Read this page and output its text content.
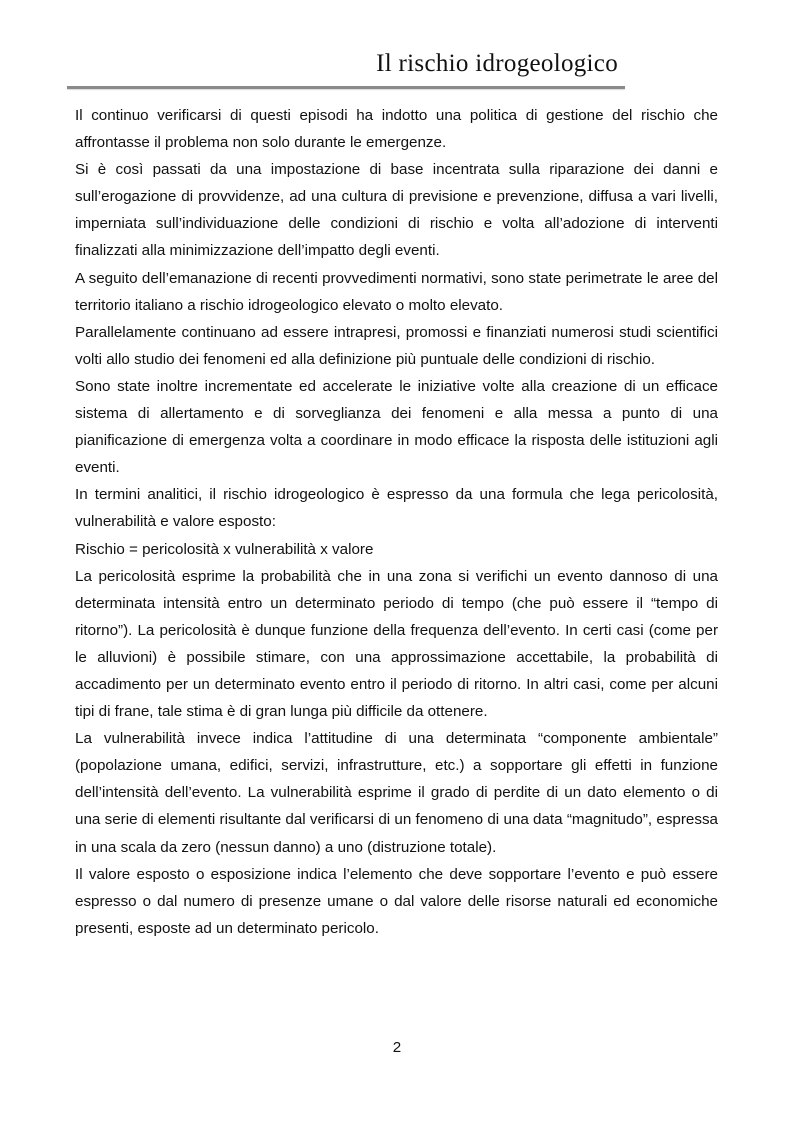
Il rischio idrogeologico

Il continuo verificarsi di questi episodi ha indotto una politica di gestione del rischio che affrontasse il problema non solo durante le emergenze.

Si è così passati da una impostazione di base incentrata sulla riparazione dei danni e sull’erogazione di provvidenze, ad una cultura di previsione e prevenzione, diffusa a vari livelli, imperniata sull’individuazione delle condizioni di rischio e volta all’adozione di interventi finalizzati alla minimizzazione dell’impatto degli eventi.

A seguito dell’emanazione di recenti provvedimenti normativi, sono state perimetrate le aree del territorio italiano a rischio idrogeologico elevato o molto elevato.

Parallelamente continuano ad essere intrapresi, promossi e finanziati numerosi studi scientifici volti allo studio dei fenomeni ed alla definizione più puntuale delle condizioni di rischio.

Sono state inoltre incrementate ed accelerate le iniziative volte alla creazione di un efficace sistema di allertamento e di sorveglianza dei fenomeni e alla messa a punto di una pianificazione di emergenza volta a coordinare in modo efficace la risposta delle istituzioni agli eventi.

In termini analitici, il rischio idrogeologico è espresso da una formula che lega pericolosità, vulnerabilità e valore esposto:

Rischio = pericolosità x vulnerabilità x valore

La pericolosità esprime la probabilità che in una zona si verifichi un evento dannoso di una determinata intensità entro un determinato periodo di tempo (che può essere il “tempo di ritorno”). La pericolosità è dunque funzione della frequenza dell’evento. In certi casi (come per le alluvioni) è possibile stimare, con una approssimazione accettabile, la probabilità di accadimento per un determinato evento entro il periodo di ritorno. In altri casi, come per alcuni tipi di frane, tale stima è di gran lunga più difficile da ottenere.

La vulnerabilità invece indica l’attitudine di una determinata “componente ambientale” (popolazione umana, edifici, servizi, infrastrutture, etc.) a sopportare gli effetti in funzione dell’intensità dell’evento. La vulnerabilità esprime il grado di perdite di un dato elemento o di una serie di elementi risultante dal verificarsi di un fenomeno di una data “magnitudo”, espressa in una scala da zero (nessun danno) a uno (distruzione totale).

Il valore esposto o esposizione indica l’elemento che deve sopportare l’evento e può essere espresso o dal numero di presenze umane o dal valore delle risorse naturali ed economiche presenti, esposte ad un determinato pericolo.

2
